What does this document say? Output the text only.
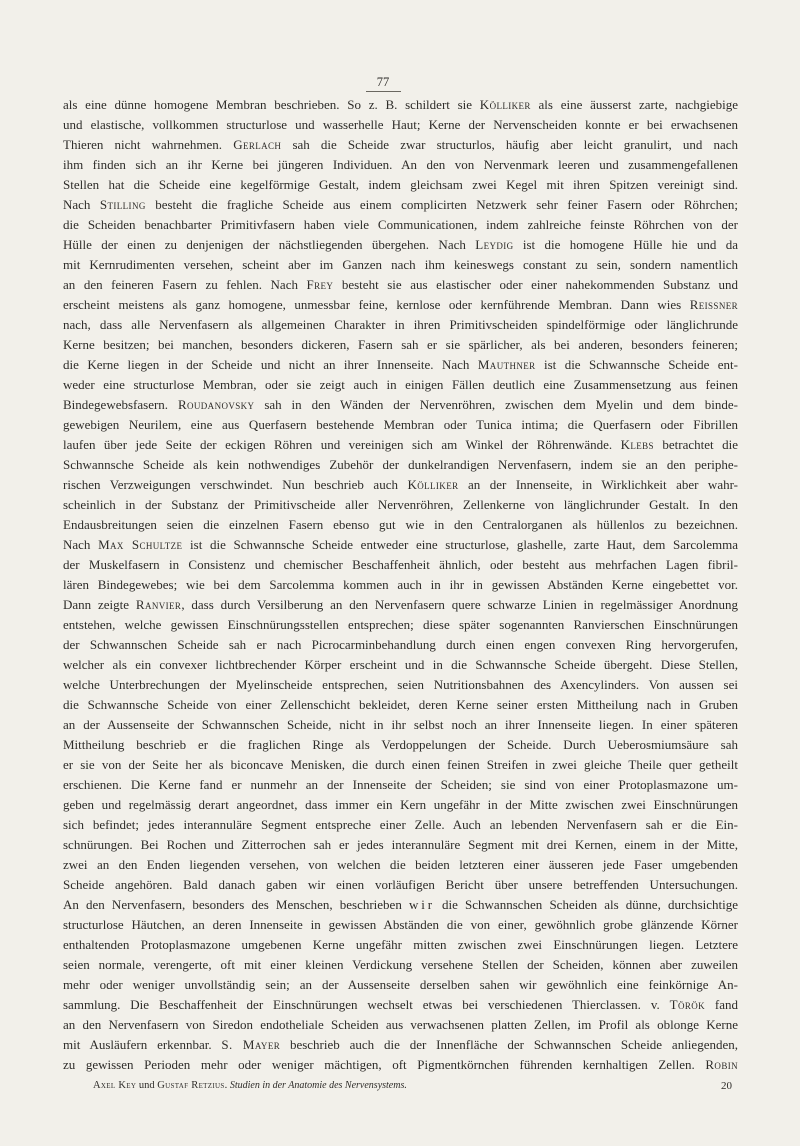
77
als eine dünne homogene Membran beschrieben. So z. B. schildert sie Kölliker als eine äusserst zarte, nachgiebige
und elastische, vollkommen structurlose und wasserhelle Haut; Kerne der Nervenscheiden konnte er bei erwachsenen
Thieren nicht wahrnehmen. Gerlach sah die Scheide zwar structurlos, häufig aber leicht granulirt, und nach
ihm finden sich an ihr Kerne bei jüngeren Individuen. An den von Nervenmark leeren und zusammengefallenen
Stellen hat die Scheide eine kegelförmige Gestalt, indem gleichsam zwei Kegel mit ihren Spitzen vereinigt sind.
Nach Stilling besteht die fragliche Scheide aus einem complicirten Netzwerk sehr feiner Fasern oder Röhrchen;
die Scheiden benachbarter Primitivfasern haben viele Communicationen, indem zahlreiche feinste Röhrchen von der
Hülle der einen zu denjenigen der nächstliegenden übergehen. Nach Leydig ist die homogene Hülle hie und da
mit Kernrudimenten versehen, scheint aber im Ganzen nach ihm keineswegs constant zu sein, sondern namentlich
an den feineren Fasern zu fehlen. Nach Frey besteht sie aus elastischer oder einer nahekommenden Substanz und
erscheint meistens als ganz homogene, unmessbar feine, kernlose oder kernführende Membran. Dann wies Reissner
nach, dass alle Nervenfasern als allgemeinen Charakter in ihren Primitivscheiden spindelförmige oder länglichrunde
Kerne besitzen; bei manchen, besonders dickeren, Fasern sah er sie spärlicher, als bei anderen, besonders feineren;
die Kerne liegen in der Scheide und nicht an ihrer Innenseite. Nach Mauthner ist die Schwannsche Scheide ent-
weder eine structurlose Membran, oder sie zeigt auch in einigen Fällen deutlich eine Zusammensetzung aus feinen
Bindegewebsfasern. Roudanovsky sah in den Wänden der Nervenröhren, zwischen dem Myelin und dem binde-
gewebigen Neurilem, eine aus Querfasern bestehende Membran oder Tunica intima; die Querfasern oder Fibrillen
laufen über jede Seite der eckigen Röhren und vereinigen sich am Winkel der Röhrenwände. Klebs betrachtet die
Schwannsche Scheide als kein nothwendiges Zubehör der dunkelrandigen Nervenfasern, indem sie an den periphe-
rischen Verzweigungen verschwindet. Nun beschrieb auch Kölliker an der Innenseite, in Wirklichkeit aber wahr-
scheinlich in der Substanz der Primitivscheide aller Nervenröhren, Zellenkerne von länglichrunder Gestalt. In den
Endausbreitungen seien die einzelnen Fasern ebenso gut wie in den Centralorganen als hüllenlos zu bezeichnen.
Nach Max Schultze ist die Schwannsche Scheide entweder eine structurlose, glashelle, zarte Haut, dem Sarcolemma
der Muskelfasern in Consistenz und chemischer Beschaffenheit ähnlich, oder besteht aus mehrfachen Lagen fibril-
lären Bindegewebes; wie bei dem Sarcolemma kommen auch in ihr in gewissen Abständen Kerne eingebettet vor.
Dann zeigte Ranvier, dass durch Versilberung an den Nervenfasern quere schwarze Linien in regelmässiger Anordnung
entstehen, welche gewissen Einschnürungsstellen entsprechen; diese später sogenannten Ranvierschen Einschnürungen
der Schwannschen Scheide sah er nach Picrocarminbehandlung durch einen engen convexen Ring hervorgerufen,
welcher als ein convexer lichtbrechender Körper erscheint und in die Schwannsche Scheide übergeht. Diese Stellen,
welche Unterbrechungen der Myelinscheide entsprechen, seien Nutritionsbahnen des Axencylinders. Von aussen sei
die Schwannsche Scheide von einer Zellenschicht bekleidet, deren Kerne seiner ersten Mittheilung nach in Gruben
an der Aussenseite der Schwannschen Scheide, nicht in ihr selbst noch an ihrer Innenseite liegen. In einer späteren
Mittheilung beschrieb er die fraglichen Ringe als Verdoppelungen der Scheide. Durch Ueberosmiumsäure sah
er sie von der Seite her als biconcave Menisken, die durch einen feinen Streifen in zwei gleiche Theile quer getheilt
erschienen. Die Kerne fand er nunmehr an der Innenseite der Scheiden; sie sind von einer Protoplasmazone um-
geben und regelmässig derart angeordnet, dass immer ein Kern ungefähr in der Mitte zwischen zwei Einschnürungen
sich befindet; jedes interannuläre Segment entspreche einer Zelle. Auch an lebenden Nervenfasern sah er die Ein-
schnürungen. Bei Rochen und Zitterrochen sah er jedes interannuläre Segment mit drei Kernen, einem in der Mitte,
zwei an den Enden liegenden versehen, von welchen die beiden letzteren einer äusseren jede Faser umgebenden
Scheide angehören. Bald danach gaben wir einen vorläufigen Bericht über unsere betreffenden Untersuchungen.
An den Nervenfasern, besonders des Menschen, beschrieben wir die Schwannschen Scheiden als dünne, durchsichtige
structurlose Häutchen, an deren Innenseite in gewissen Abständen die von einer, gewöhnlich grobe glänzende Körner
enthaltenden Protoplasmazone umgebenen Kerne ungefähr mitten zwischen zwei Einschnürungen liegen. Letztere
seien normale, verengerte, oft mit einer kleinen Verdickung versehene Stellen der Scheiden, können aber zuweilen
mehr oder weniger unvollständig sein; an der Aussenseite derselben sahen wir gewöhnlich eine feinkörnige An-
sammlung. Die Beschaffenheit der Einschnürungen wechselt etwas bei verschiedenen Thierclassen. v. Török fand
an den Nervenfasern von Siredon endotheliale Scheiden aus verwachsenen platten Zellen, im Profil als oblonge Kerne
mit Ausläufern erkennbar. S. Mayer beschrieb auch die der Innenfläche der Schwannschen Scheide anliegenden,
zu gewissen Perioden mehr oder weniger mächtigen, oft Pigmentkörnchen führenden kernhaltigen Zellen. Robin
Axel Key und Gustaf Retzius. Studien in der Anatomie des Nervensystems.	20
